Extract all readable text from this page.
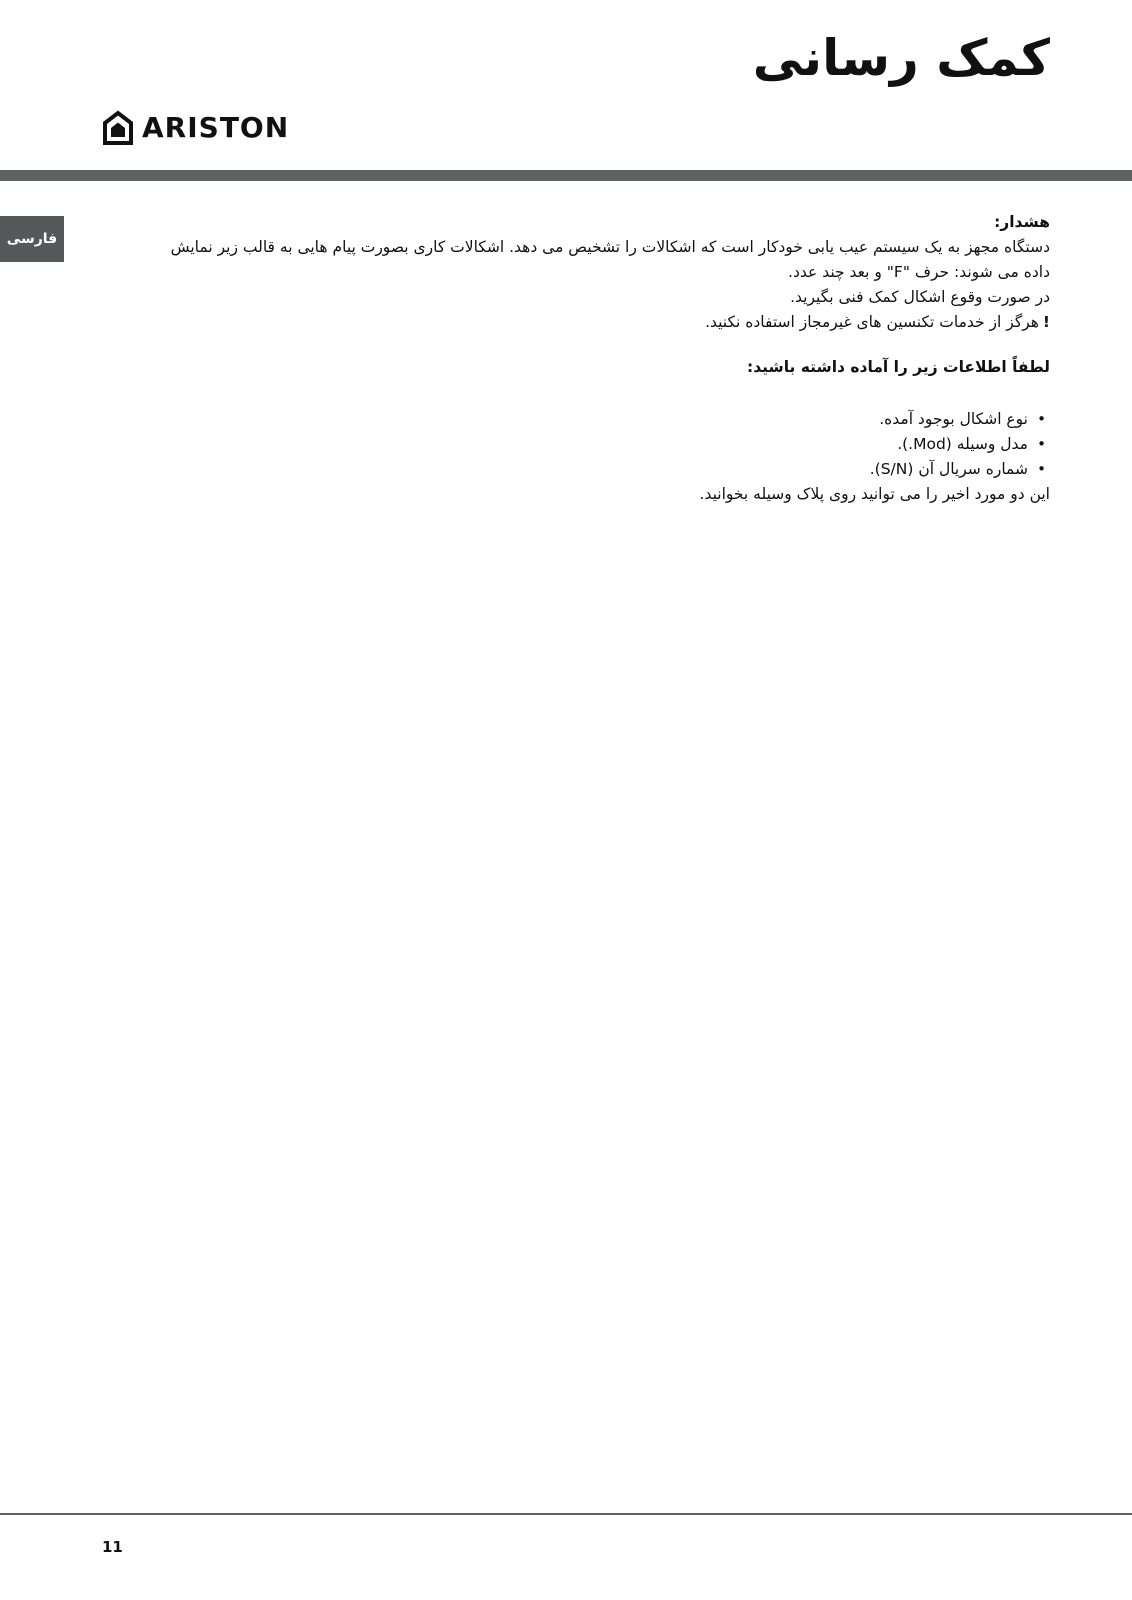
کمک رسانی
ARISTON
فارسی

هشدار:

دستگاه مجهز به یک سیستم عیب یابی خودکار است که اشکالات را تشخیص می دهد. اشکالات کاری بصورت پیام هایی به قالب زیر نمایش

داده می شوند: حرف "F" و بعد چند عدد.

در صورت وقوع اشکال کمک فنی بگیرید.

!هرگز از خدمات تکنسین های غیرمجاز استفاده نکنید.

لطفاً اطلاعات زیر را آماده داشته باشید:

• نوع اشکال بوجود آمده.
• مدل وسیله (Mod.).
• شماره سریال آن (S/N).

این دو مورد اخیر را می توانید روی پلاک وسیله بخوانید.

11
